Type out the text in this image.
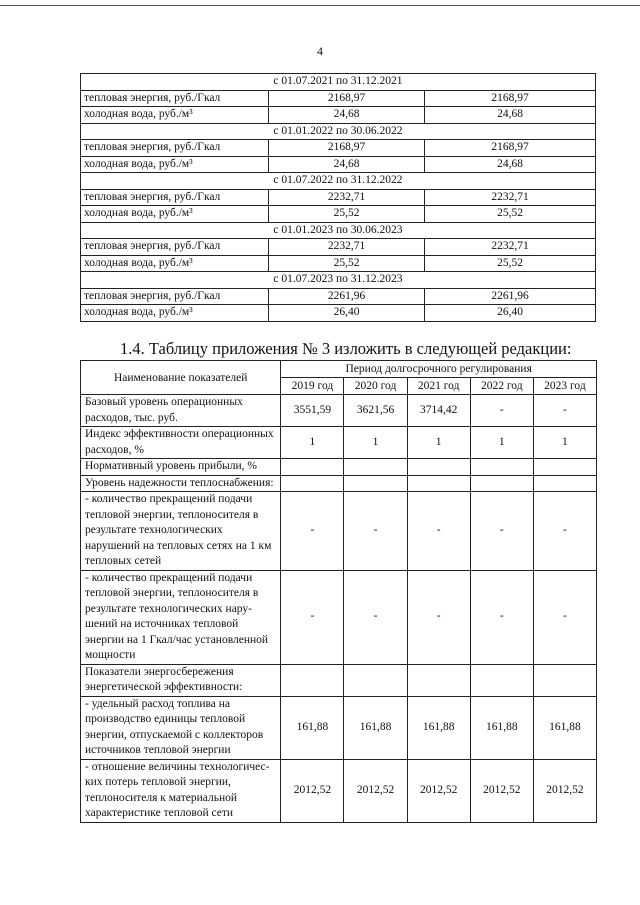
4
с 01.07.2021 по 31.12.2021		
тепловая энергия, руб./Гкал	2168,97	2168,97
холодная вода, руб./м³	24,68	24,68
с 01.01.2022 по 30.06.2022		
тепловая энергия, руб./Гкал	2168,97	2168,97
холодная вода, руб./м³	24,68	24,68
с 01.07.2022 по 31.12.2022		
тепловая энергия, руб./Гкал	2232,71	2232,71
холодная вода, руб./м³	25,52	25,52
с 01.01.2023 по 30.06.2023		
тепловая энергия, руб./Гкал	2232,71	2232,71
холодная вода, руб./м³	25,52	25,52
с 01.07.2023 по 31.12.2023		
тепловая энергия, руб./Гкал	2261,96	2261,96
холодная вода, руб./м³	26,40	26,40
1.4. Таблицу приложения № 3 изложить в следующей редакции:
Наименование показателей	Период долгосрочного регулирования				
	2019 год	2020 год	2021 год	2022 год	2023 год
Базовый уровень операционных расходов, тыс. руб.	3551,59	3621,56	3714,42	-	-
Индекс эффективности операционных расходов, %	1	1	1	1	1
Нормативный уровень прибыли, %					
Уровень надежности теплоснабжения:					
- количество прекращений подачи тепловой энергии, теплоносителя в результате технологических нарушений на тепловых сетях на 1 км тепловых сетей	-	-	-	-	-
- количество прекращений подачи тепловой энергии, теплоносителя в результате технологических нару-шений на источниках тепловой энергии на 1 Гкал/час установленной мощности	-	-	-	-	-
Показатели энергосбережения энергетической эффективности:					
- удельный расход топлива на производство единицы тепловой энергии, отпускаемой с коллекторов источников тепловой энергии	161,88	161,88	161,88	161,88	161,88
- отношение величины технологичес-ких потерь тепловой энергии, теплоносителя к материальной характеристике тепловой сети	2012,52	2012,52	2012,52	2012,52	2012,52
